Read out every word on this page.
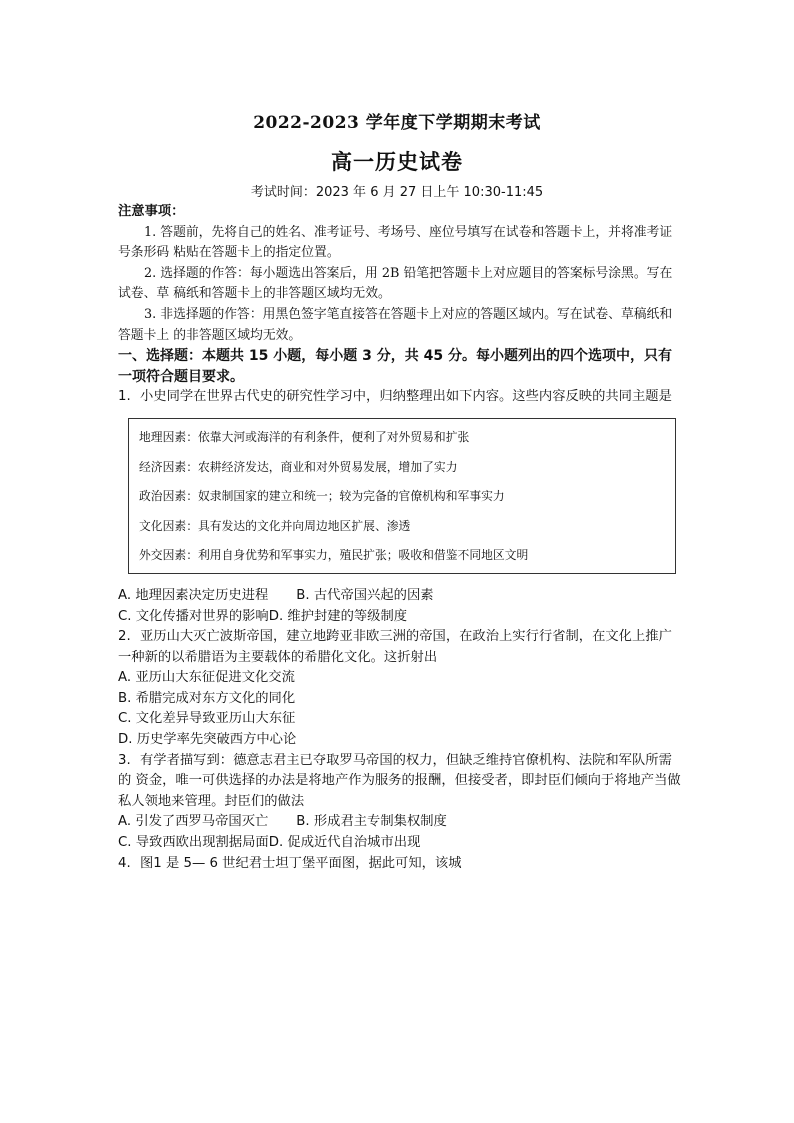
2022-2023 学年度下学期期末考试
高一历史试卷
考试时间：2023 年 6 月 27 日上午 10:30-11:45

注意事项：

1. 答题前，先将自己的姓名、准考证号、考场号、座位号填写在试卷和答题卡上，并将准考证号条形码 粘贴在答题卡上的指定位置。

2. 选择题的作答：每小题选出答案后，用 2B 铅笔把答题卡上对应题目的答案标号涂黑。写在试卷、草 稿纸和答题卡上的非答题区域均无效。

3. 非选择题的作答：用黑色签字笔直接答在答题卡上对应的答题区域内。写在试卷、草稿纸和答题卡上 的非答题区域均无效。

一、选择题：本题共 15 小题，每小题 3 分，共 45 分。每小题列出的四个选项中，只有一项符合题目要求。

1. 小史同学在世界古代史的研究性学习中，归纳整理出如下内容。这些内容反映的共同主题是

地理因素：依靠大河或海洋的有利条件，便利了对外贸易和扩张
经济因素：农耕经济发达，商业和对外贸易发展，增加了实力
政治因素：奴隶制国家的建立和统一；较为完备的官僚机构和军事实力
文化因素：具有发达的文化并向周边地区扩展、渗透
外交因素：利用自身优势和军事实力，殖民扩张；吸收和借鉴不同地区文明

A. 地理因素决定历史进程 B. 古代帝国兴起的因素

C. 文化传播对世界的影响D. 维护封建的等级制度

2. 亚历山大灭亡波斯帝国，建立地跨亚非欧三洲的帝国，在政治上实行行省制，在文化上推广一种新的以希腊语为主要载体的希腊化文化。这折射出

A. 亚历山大东征促进文化交流

B. 希腊完成对东方文化的同化

C. 文化差异导致亚历山大东征

D. 历史学率先突破西方中心论

3. 有学者描写到：德意志君主已夺取罗马帝国的权力，但缺乏维持官僚机构、法院和军队所需的 资金，唯一可供选择的办法是将地产作为服务的报酬，但接受者，即封臣们倾向于将地产当做私人领地来管理。封臣们的做法

A. 引发了西罗马帝国灭亡 B. 形成君主专制集权制度

C. 导致西欧出现割据局面D. 促成近代自治城市出现

4. 图1 是 5— 6 世纪君士坦丁堡平面图，据此可知，该城
